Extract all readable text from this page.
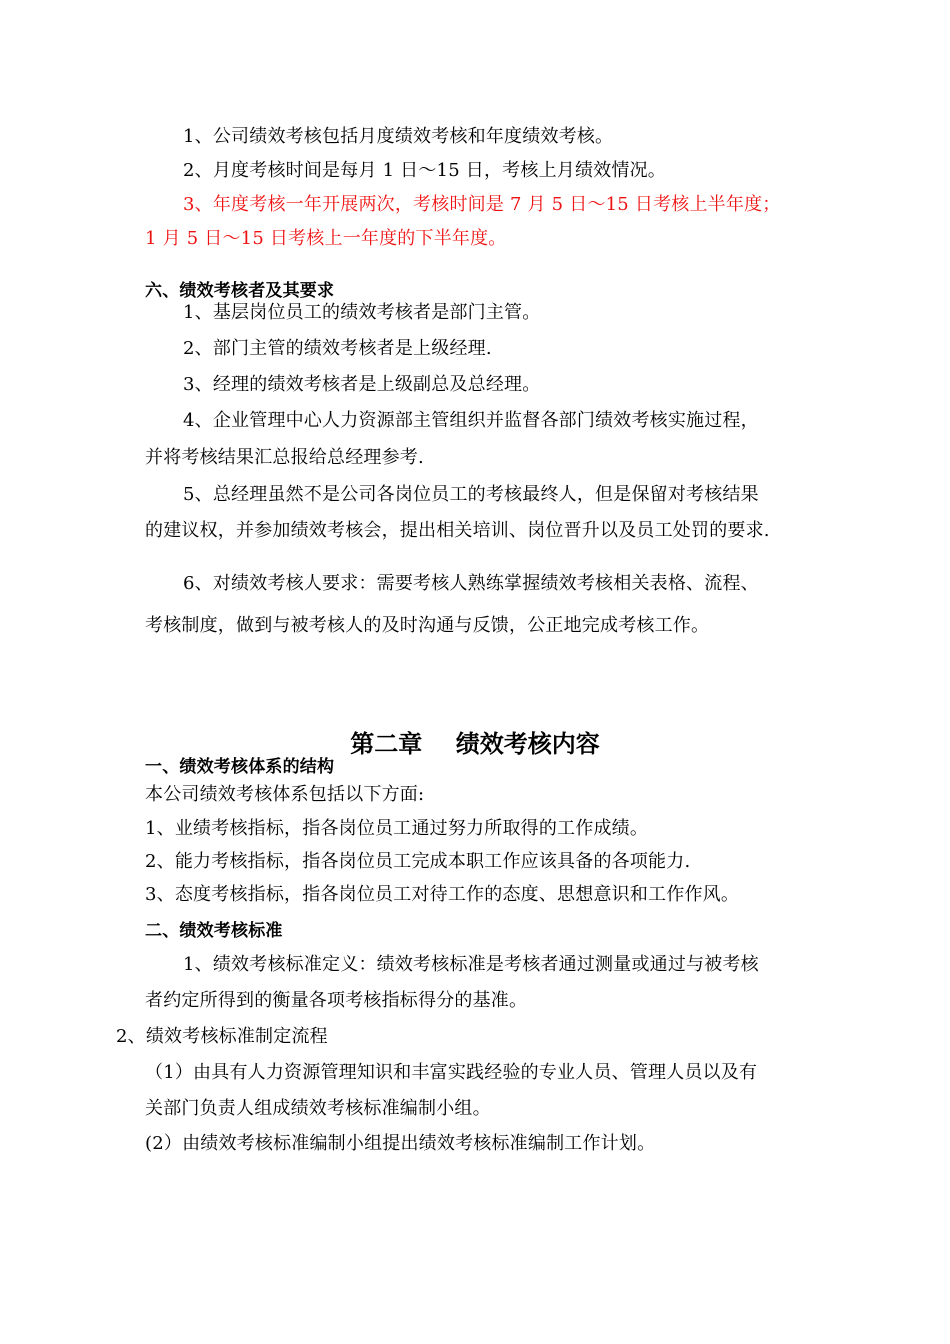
1、公司绩效考核包括月度绩效考核和年度绩效考核。
2、月度考核时间是每月 1 日～15 日，考核上月绩效情况。
3、年度考核一年开展两次，考核时间是 7 月 5 日～15 日考核上半年度；
1 月 5 日～15 日考核上一年度的下半年度。
六、绩效考核者及其要求
1、基层岗位员工的绩效考核者是部门主管。
2、部门主管的绩效考核者是上级经理.
3、经理的绩效考核者是上级副总及总经理。
4、企业管理中心人力资源部主管组织并监督各部门绩效考核实施过程，
并将考核结果汇总报给总经理参考.
5、总经理虽然不是公司各岗位员工的考核最终人，但是保留对考核结果
的建议权，并参加绩效考核会，提出相关培训、岗位晋升以及员工处罚的要求.
6、对绩效考核人要求：需要考核人熟练掌握绩效考核相关表格、流程、
考核制度，做到与被考核人的及时沟通与反馈，公正地完成考核工作。
第二章    绩效考核内容
一、绩效考核体系的结构
本公司绩效考核体系包括以下方面:
1、业绩考核指标，指各岗位员工通过努力所取得的工作成绩。
2、能力考核指标，指各岗位员工完成本职工作应该具备的各项能力.
3、态度考核指标，指各岗位员工对待工作的态度、思想意识和工作作风。
二、绩效考核标准
1、绩效考核标准定义：绩效考核标准是考核者通过测量或通过与被考核
者约定所得到的衡量各项考核指标得分的基准。
2、绩效考核标准制定流程
（1）由具有人力资源管理知识和丰富实践经验的专业人员、管理人员以及有
关部门负责人组成绩效考核标准编制小组。
(2）由绩效考核标准编制小组提出绩效考核标准编制工作计划。
